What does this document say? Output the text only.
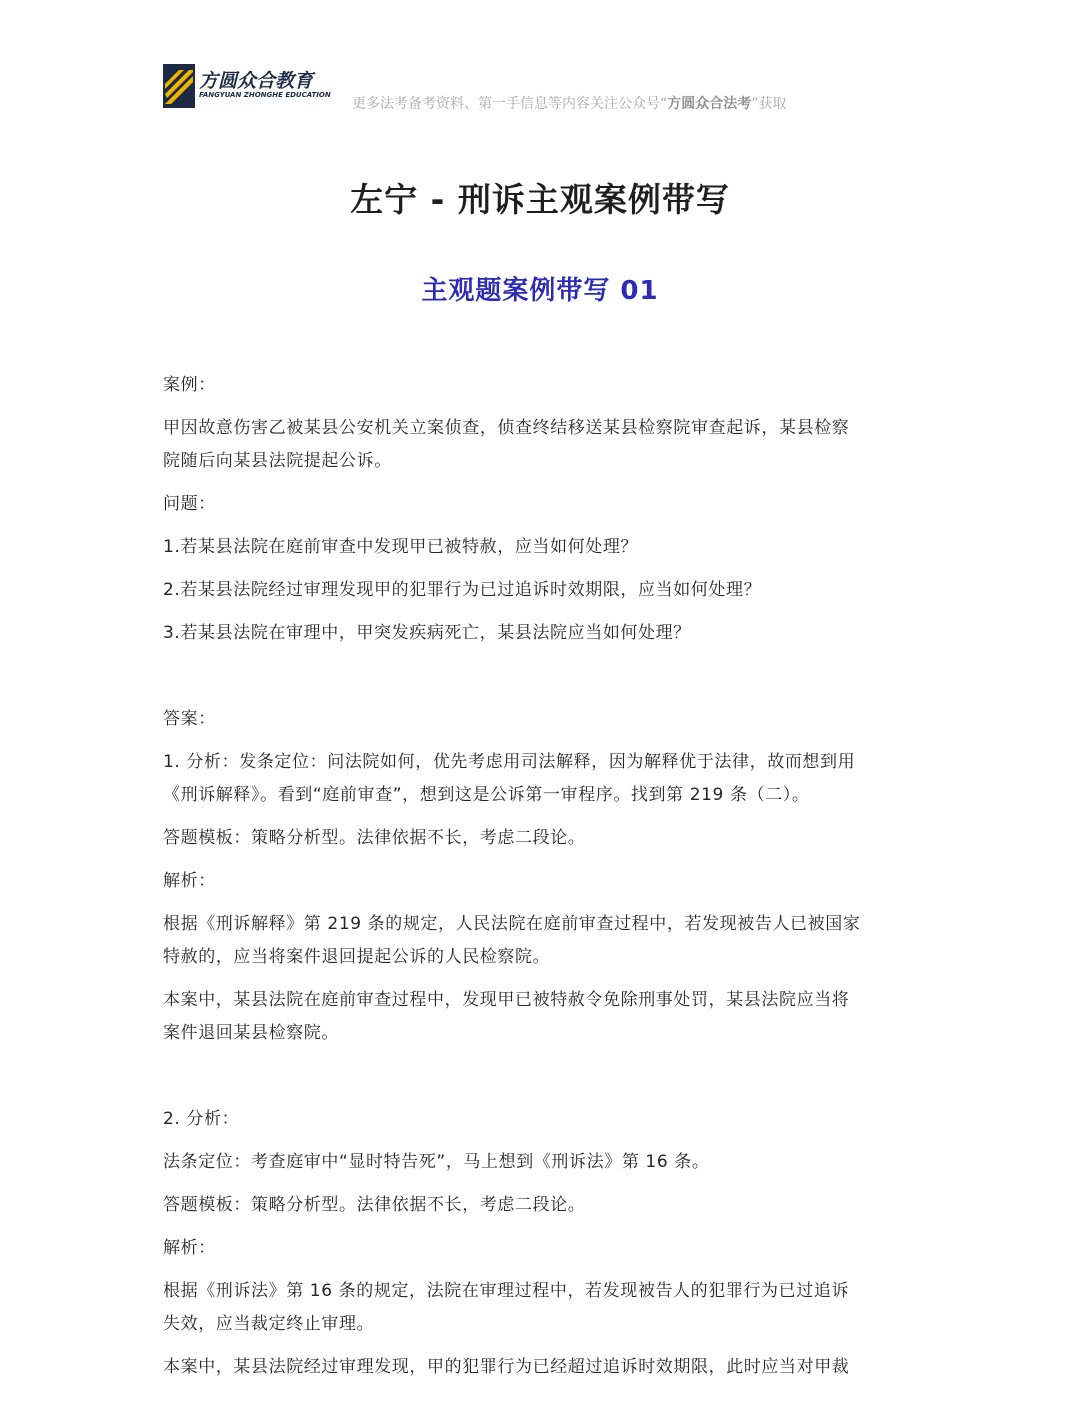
方圆众合教育
FANGYUAN ZHONGHE EDUCATION
更多法考备考资料、第一手信息等内容关注公众号“方圆众合法考”获取
左宁 - 刑诉主观案例带写
主观题案例带写 01
案例：
甲因故意伤害乙被某县公安机关立案侦查，侦查终结移送某县检察院审查起诉，某县检察
院随后向某县法院提起公诉。
问题：
1.若某县法院在庭前审查中发现甲已被特赦，应当如何处理？
2.若某县法院经过审理发现甲的犯罪行为已过追诉时效期限，应当如何处理？
3.若某县法院在审理中，甲突发疾病死亡，某县法院应当如何处理？
答案：
1. 分析：发条定位：问法院如何，优先考虑用司法解释，因为解释优于法律，故而想到用
《刑诉解释》。看到“庭前审查”，想到这是公诉第一审程序。找到第 219 条（二）。
答题模板：策略分析型。法律依据不长，考虑二段论。
解析：
根据《刑诉解释》第 219 条的规定，人民法院在庭前审查过程中，若发现被告人已被国家
特赦的，应当将案件退回提起公诉的人民检察院。
本案中，某县法院在庭前审查过程中，发现甲已被特赦令免除刑事处罚，某县法院应当将
案件退回某县检察院。
2. 分析：
法条定位：考查庭审中“显时特告死”，马上想到《刑诉法》第 16 条。
答题模板：策略分析型。法律依据不长，考虑二段论。
解析：
根据《刑诉法》第 16 条的规定，法院在审理过程中，若发现被告人的犯罪行为已过追诉
失效，应当裁定终止审理。
本案中，某县法院经过审理发现，甲的犯罪行为已经超过追诉时效期限，此时应当对甲裁
